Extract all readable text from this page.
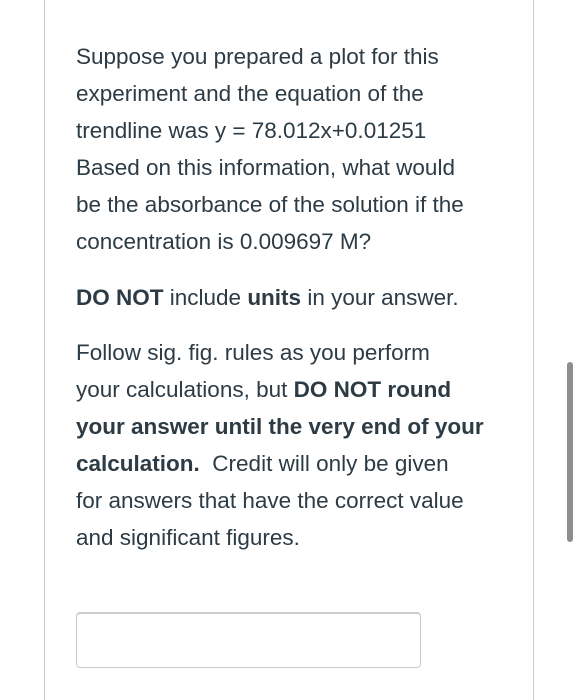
Suppose you prepared a plot for this
experiment and the equation of the
trendline was y = 78.012x+0.01251
Based on this information, what would
be the absorbance of the solution if the
concentration is 0.009697 M?

DO NOT include units in your answer.

Follow sig. fig. rules as you perform
your calculations, but DO NOT round
your answer until the very end of your
calculation.  Credit will only be given
for answers that have the correct value
and significant figures.
